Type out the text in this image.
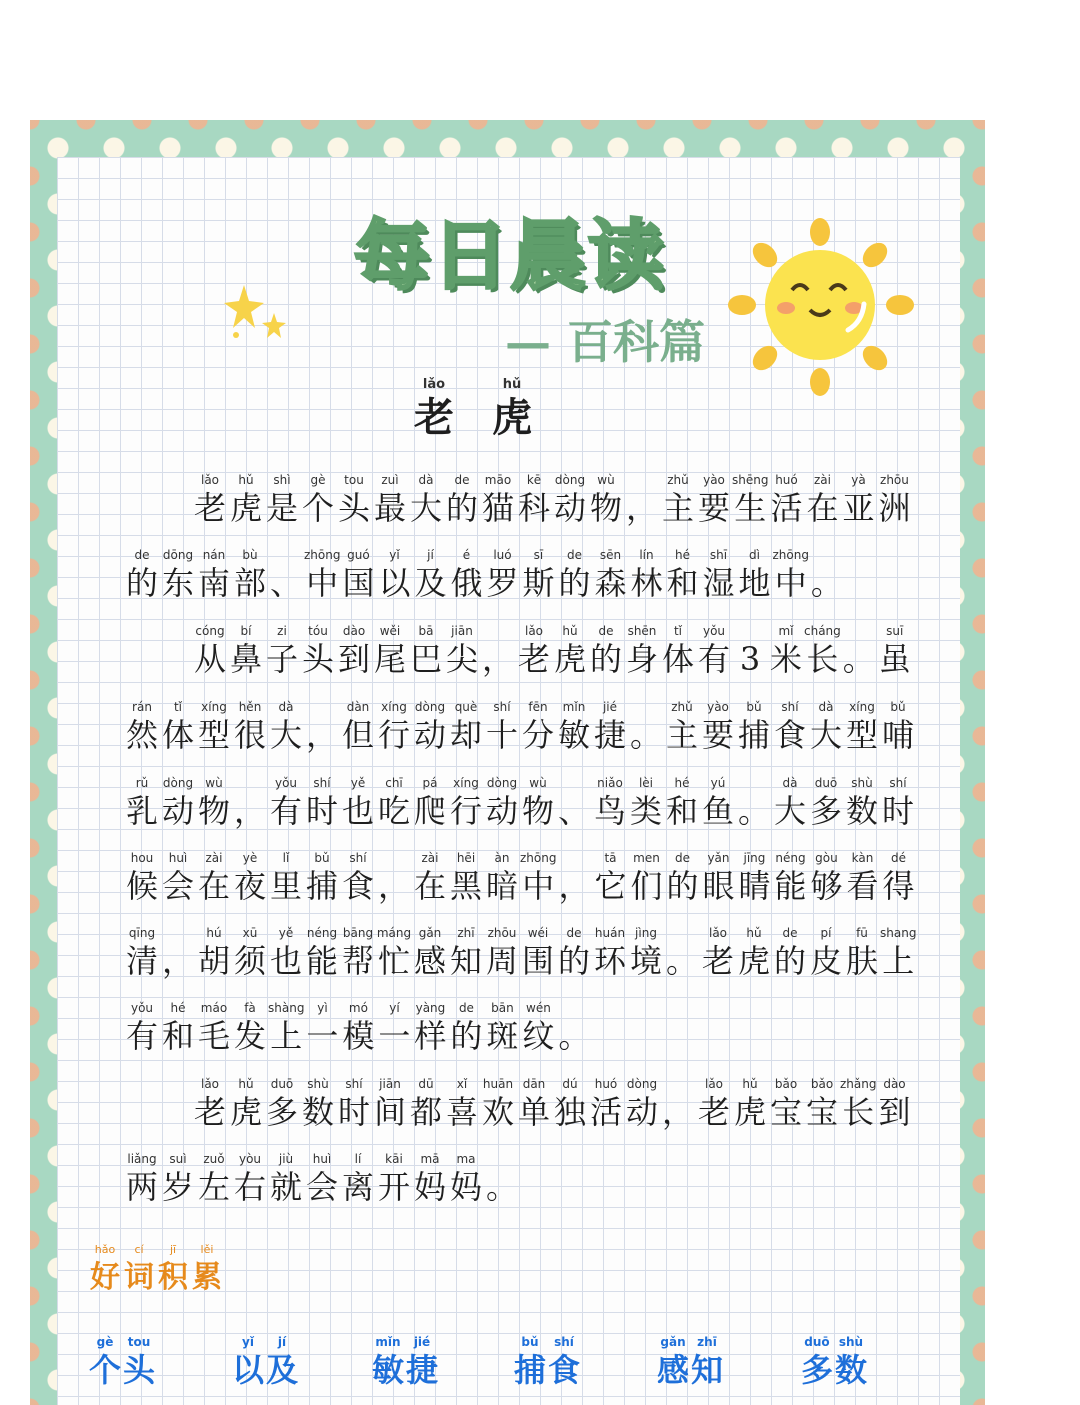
每日晨读
— 百科篇
lǎo
老
hǔ
虎
lǎo
老
hǔ
虎
shì
是
gè
个
tou
头
zuì
最
dà
大
de
的
māo
猫
kē
科
dòng
动
wù
物 ，
zhǔ
主
yào
要
shēng
生
huó
活
zài
在
yà
亚
zhōu
洲
de
的
dōng
东
nán
南
bù
部 、
zhōng
中
guó
国
yǐ
以
jí
及
é
俄
luó
罗
sī
斯
de
的
sēn
森
lín
林
hé
和
shī
湿
dì
地
zhōng
中 。
cóng
从
bí
鼻
zi
子
tóu
头
dào
到
wěi
尾
bā
巴
jiān
尖 ，
lǎo
老
hǔ
虎
de
的
shēn
身
tǐ
体
yǒu
有 3
mǐ
米
cháng
长 。
suī
虽
rán
然
tǐ
体
xíng
型
hěn
很
dà
大 ，
dàn
但
xíng
行
dòng
动
què
却
shí
十
fēn
分
mǐn
敏
jié
捷 。
zhǔ
主
yào
要
bǔ
捕
shí
食
dà
大
xíng
型
bǔ
哺
rǔ
乳
dòng
动
wù
物 ，
yǒu
有
shí
时
yě
也
chī
吃
pá
爬
xíng
行
dòng
动
wù
物 、
niǎo
鸟
lèi
类
hé
和
yú
鱼 。
dà
大
duō
多
shù
数
shí
时
hou
候
huì
会
zài
在
yè
夜
lǐ
里
bǔ
捕
shí
食 ，
zài
在
hēi
黑
àn
暗
zhōng
中 ，
tā
它
men
们
de
的
yǎn
眼
jīng
睛
néng
能
gòu
够
kàn
看
dé
得
qīng
清 ，
hú
胡
xū
须
yě
也
néng
能
bāng
帮
máng
忙
gǎn
感
zhī
知
zhōu
周
wéi
围
de
的
huán
环
jìng
境 。
lǎo
老
hǔ
虎
de
的
pí
皮
fū
肤
shang
上
yǒu
有
hé
和
máo
毛
fà
发
shàng
上
yì
一
mó
模
yí
一
yàng
样
de
的
bān
斑
wén
纹 。
lǎo
老
hǔ
虎
duō
多
shù
数
shí
时
jiān
间
dū
都
xǐ
喜
huān
欢
dān
单
dú
独
huó
活
dòng
动 ，
lǎo
老
hǔ
虎
bǎo
宝
bǎo
宝
zhǎng
长
dào
到
liǎng
两
suì
岁
zuǒ
左
yòu
右
jiù
就
huì
会
lí
离
kāi
开
mā
妈
ma
妈 。
hǎo
好
cí
词
jī
积
lěi
累
gè
个
tou
头
yǐ
以
jí
及
mǐn
敏
jié
捷
bǔ
捕
shí
食
gǎn
感
zhī
知
duō
多
shù
数
